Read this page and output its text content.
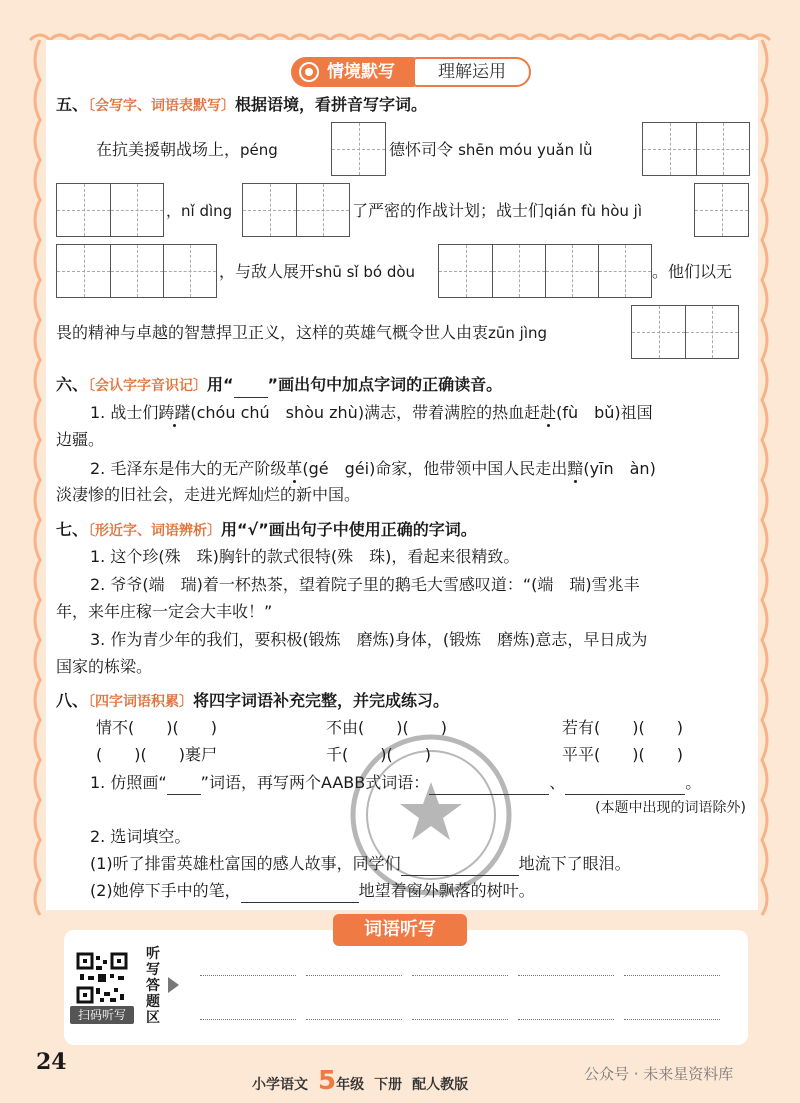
情境默写	理解运用
五、〔会写字、词语表默写〕根据语境，看拼音写字词。
在抗美援朝战场上，péng	德怀司令 shēn móu yuǎn lǜ
，nǐ dìng	了严密的作战计划；战士们qián fù hòu jì
，与敌人展开shū sǐ bó dòu	。他们以无
畏的精神与卓越的智慧捍卫正义，这样的英雄气概令世人由衷zūn jìng
六、〔会认字字音识记〕用“ ”画出句中加点字词的正确读音。
1. 战士们踌躇(chóu chú　shòu zhù)满志，带着满腔的热血赶赴(fù　bǔ)祖国
边疆。
2. 毛泽东是伟大的无产阶级革(gé　géi)命家，他带领中国人民走出黯(yīn　àn)
淡凄惨的旧社会，走进光辉灿烂的新中国。
七、〔形近字、词语辨析〕用“√”画出句子中使用正确的字词。
1. 这个珍(殊　珠)胸针的款式很特(殊　珠)，看起来很精致。
2. 爷爷(端　瑞)着一杯热茶，望着院子里的鹅毛大雪感叹道：“(端　瑞)雪兆丰
年，来年庄稼一定会大丰收！”
3. 作为青少年的我们，要积极(锻炼　磨炼)身体，(锻炼　磨炼)意志，早日成为
国家的栋梁。
八、〔四字词语积累〕将四字词语补充完整，并完成练习。
情不(　　)(　　)	不由(　　)(　　)	若有(　　)(　　)
(　　)(　　)裹尸	千(　　)(　　)	平平(　　)(　　)
1. 仿照画“ ”词语，再写两个AABB式词语：	、	。
(本题中出现的词语除外)
2. 选词填空。
(1)听了排雷英雄杜富国的感人故事，同学们	地流下了眼泪。
(2)她停下手中的笔，	地望着窗外飘落的树叶。
词语听写
扫码听写
听写答题区
24
小学语文 5年级 下册 配人教版
公众号 · 未来星资料库
